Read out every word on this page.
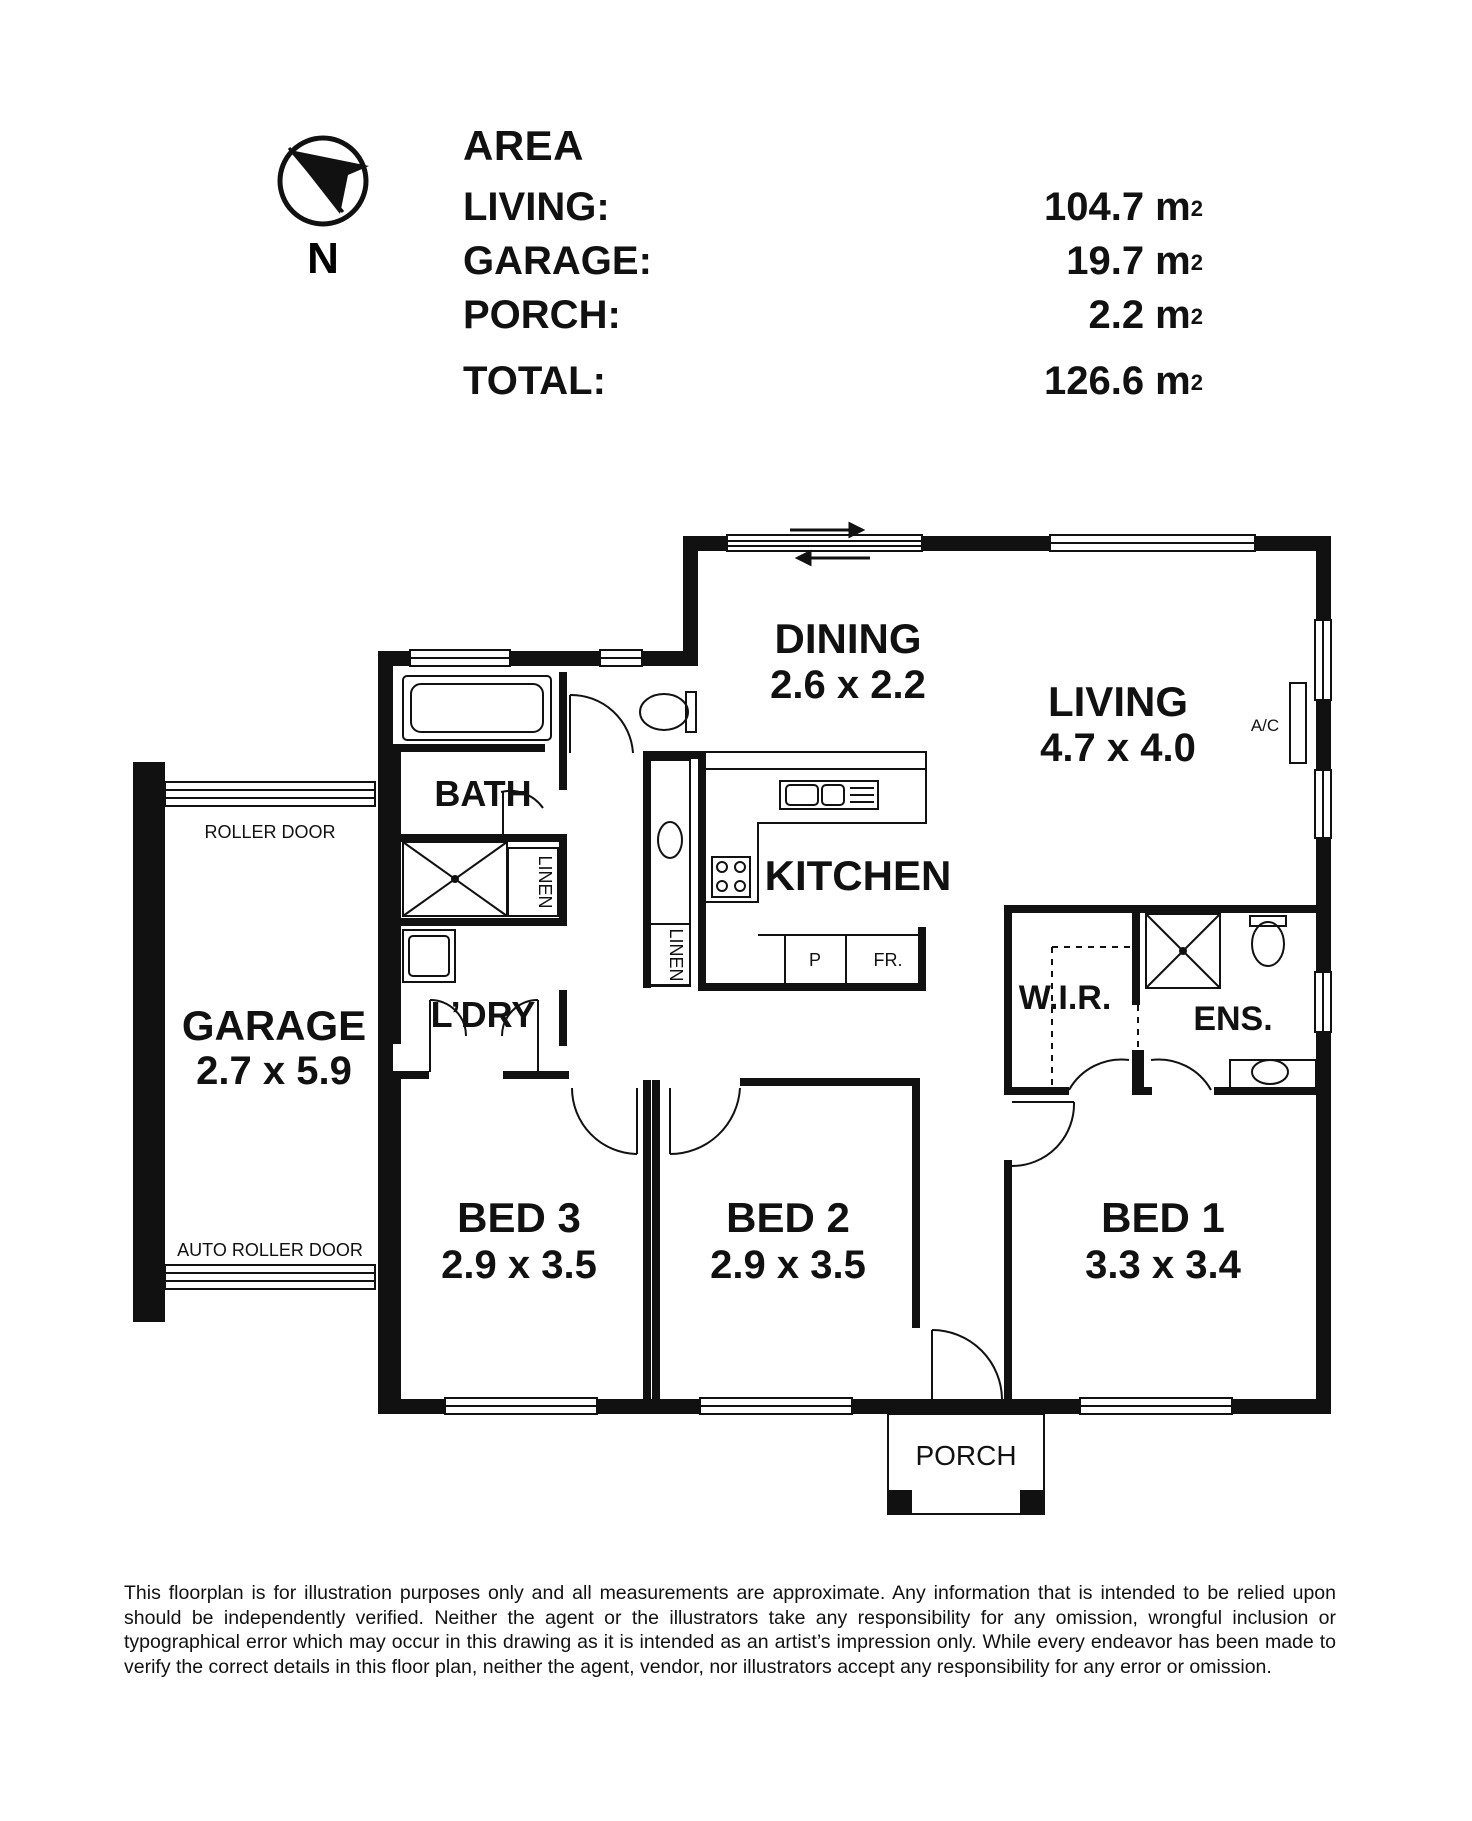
AREA
LIVING:	104.7 $m^2$
GARAGE:	19.7 $m^2$
PORCH:	2.2 $m^2$
TOTAL:	126.6 $m^2$
N
DINING
2.6 x 2.2	LIVING
4.7 x 4.0
KITCHEN
BATH
L’DRY
GARAGE
2.7 x 5.9
BED 3
2.9 x 3.5
BED 2
2.9 x 3.5
BED 1
3.3 x 3.4
W.I.R.
ENS.
PORCH
LINEN
LINEN	P	FR.
A/C
ROLLER DOOR
AUTO ROLLER DOOR
This floorplan is for illustration purposes only and all measurements are approximate. Any information that is intended to be relied upon should be independently verified. Neither the agent or the illustrators take any responsibility for any omission, wrongful inclusion or typographical error which may occur in this drawing as it is intended as an artist’s impression only. While every endeavor has been made to verify the correct details in this floor plan, neither the agent, vendor, nor illustrators accept any responsibility for any error or omission.
